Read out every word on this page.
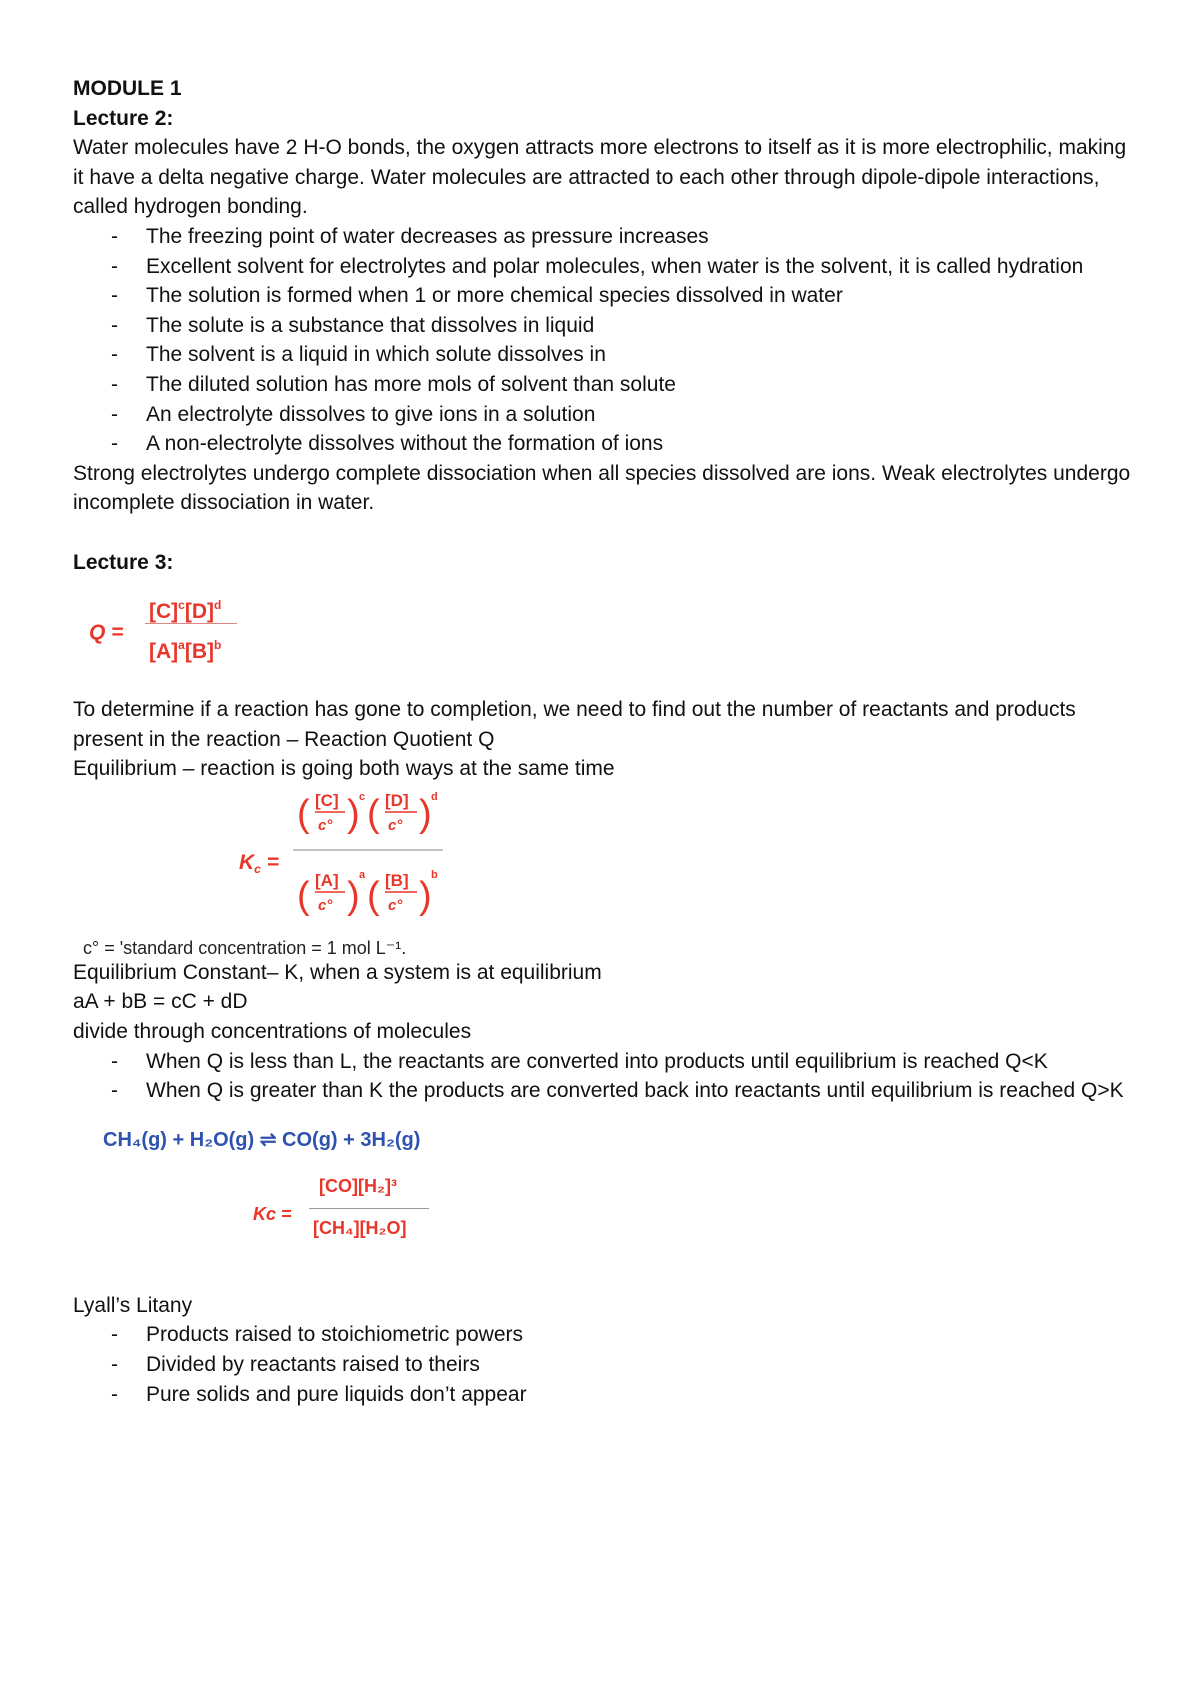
MODULE 1

Lecture 2:

Water molecules have 2 H-O bonds, the oxygen attracts more electrons to itself as it is more electrophilic, making it have a delta negative charge. Water molecules are attracted to each other through dipole-dipole interactions, called hydrogen bonding.

- The freezing point of water decreases as pressure increases
- Excellent solvent for electrolytes and polar molecules, when water is the solvent, it is called hydration
- The solution is formed when 1 or more chemical species dissolved in water
- The solute is a substance that dissolves in liquid
- The solvent is a liquid in which solute dissolves in
- The diluted solution has more mols of solvent than solute
- An electrolyte dissolves to give ions in a solution
- A non-electrolyte dissolves without the formation of ions

Strong electrolytes undergo complete dissociation when all species dissolved are ions. Weak electrolytes undergo incomplete dissociation in water.

Lecture 3:

Q =
$[C]^c[D]^d$
$[A]^a[B]^b$

To determine if a reaction has gone to completion, we need to find out the number of reactants and products present in the reaction – Reaction Quotient Q

Equilibrium – reaction is going both ways at the same time

$K_c$ =
( [C]
c° ) c ( [D]
c° ) d
( [A]
c° ) a ( [B]
c° ) b
c° = 'standard concentration = 1 mol L⁻¹.

Equilibrium Constant– K, when a system is at equilibrium

aA + bB = cC + dD

divide through concentrations of molecules

- When Q is less than L, the reactants are converted into products until equilibrium is reached Q<K
- When Q is greater than K the products are converted back into reactants until equilibrium is reached Q>K
CH₄(g) + H₂O(g) ⇌ CO(g) + 3H₂(g)
Kc =
[CO][H₂]³
[CH₄][H₂O]

Lyall’s Litany

- Products raised to stoichiometric powers
- Divided by reactants raised to theirs
- Pure solids and pure liquids don’t appear
